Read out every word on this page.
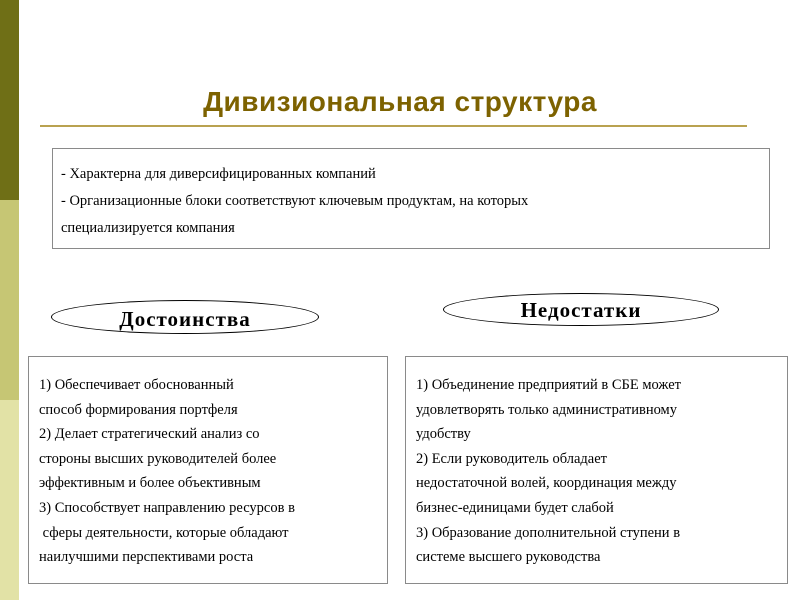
Дивизиональная структура
- Характерна для диверсифицированных компаний
- Организационные блоки соответствуют ключевым продуктам, на которых
специализируется компания
Достоинства	Недостатки
1) Обеспечивает обоснованный
способ формирования портфеля
2) Делает стратегический анализ со
стороны высших руководителей более
эффективным и более объективным
3) Способствует направлению ресурсов в
сферы деятельности, которые обладают
наилучшими перспективами роста
1) Объединение предприятий в СБЕ может
удовлетворять только административному
удобству
2) Если руководитель обладает
недостаточной волей, координация между
бизнес-единицами будет слабой
3) Образование дополнительной ступени в
системе высшего руководства
